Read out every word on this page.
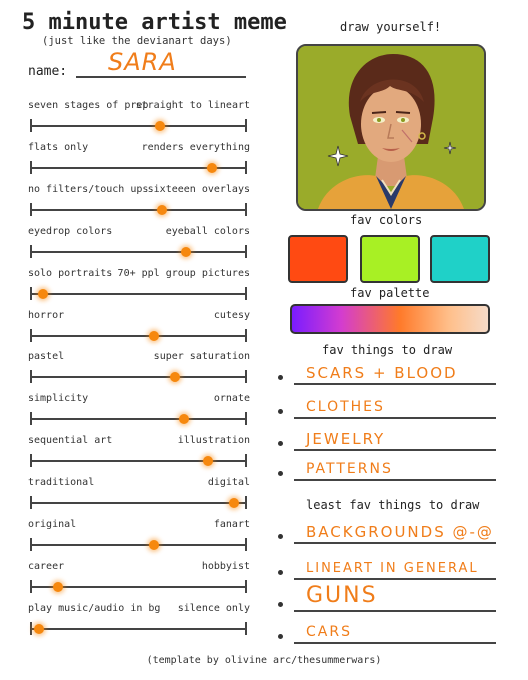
5 minute artist meme
(just like the devianart days)
name: SARA
seven stages of prep
straight to lineart
flats only	renders everything
no filters/touch ups sixteeen overlays
eyedrop colors	eyeball colors
solo portraits 70+ ppl group pictures
horror	cutesy
pastel	super saturation
simplicity	ornate
sequential art	illustration
traditional	digital
original	fanart
career	hobbyist
play music/audio in bg silence only
draw yourself!
fav colors
fav palette
fav things to draw
SCARS + BLOOD
CLOTHES
JEWELRY
PATTERNS
least fav things to draw
BACKGROUNDS @-@
LINEART IN GENERAL
GUNS
CARS
(template by olivine arc/thesummerwars)
